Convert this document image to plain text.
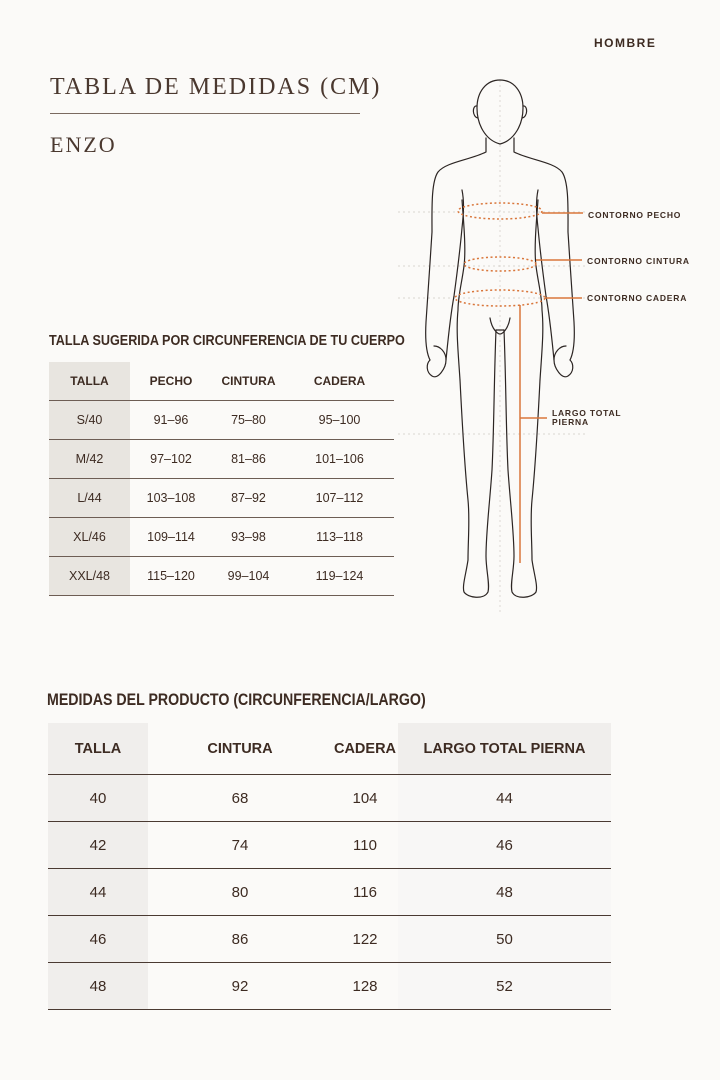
HOMBRE
TABLA DE MEDIDAS (CM)
ENZO
CONTORNO PECHO
CONTORNO CINTURA
CONTORNO CADERA
LARGO TOTAL
PIERNA
TALLA SUGERIDA POR CIRCUNFERENCIA DE TU CUERPO
TALLA	PECHO	CINTURA	CADERA
S/40	91–96	75–80	95–100
M/42	97–102	81–86	101–106
L/44	103–108	87–92	107–112
XL/46	109–114	93–98	113–118
XXL/48	115–120	99–104	119–124
MEDIDAS DEL PRODUCTO (CIRCUNFERENCIA/LARGO)
TALLA	CINTURA	CADERA	LARGO TOTAL PIERNA
40	68	104	44
42	74	110	46
44	80	116	48
46	86	122	50
48	92	128	52
